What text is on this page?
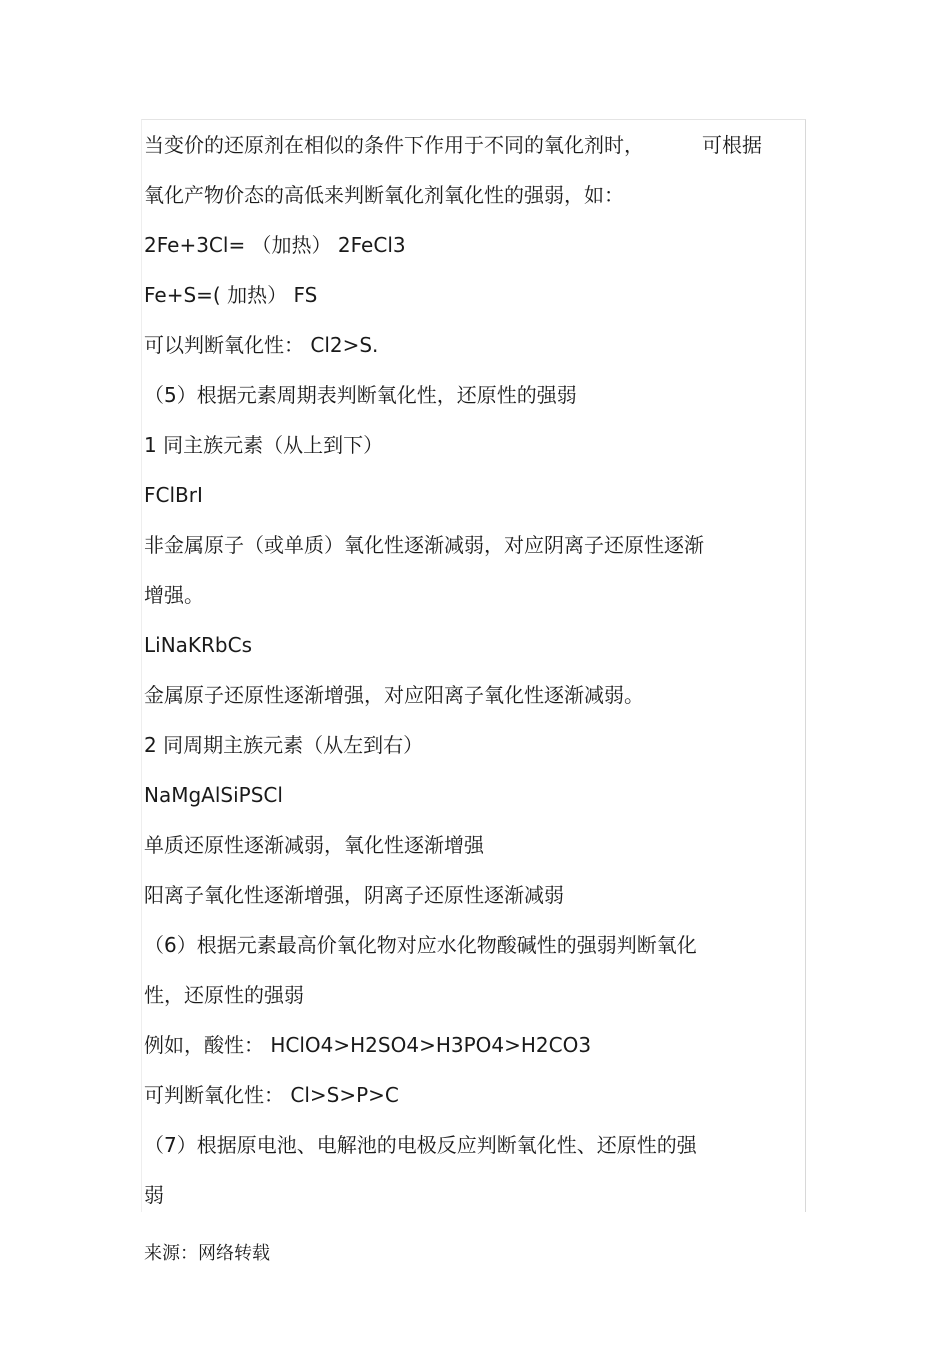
当变价的还原剂在相似的条件下作用于不同的氧化剂时，	可根据
氧化产物价态的高低来判断氧化剂氧化性的强弱，如：
2Fe+3Cl= （加热） 2FeCl3
Fe+S=( 加热） FS
可以判断氧化性： Cl2>S.
（5）根据元素周期表判断氧化性，还原性的强弱
1 同主族元素（从上到下）
FClBrI
非金属原子（或单质）氧化性逐渐减弱，对应阴离子还原性逐渐
增强。
LiNaKRbCs
金属原子还原性逐渐增强，对应阳离子氧化性逐渐减弱。
2 同周期主族元素（从左到右）
NaMgAlSiPSCl
单质还原性逐渐减弱，氧化性逐渐增强
阳离子氧化性逐渐增强，阴离子还原性逐渐减弱
（6）根据元素最高价氧化物对应水化物酸碱性的强弱判断氧化
性，还原性的强弱
例如，酸性： HClO4>H2SO4>H3PO4>H2CO3
可判断氧化性： Cl>S>P>C
（7）根据原电池、电解池的电极反应判断氧化性、还原性的强
弱
来源：网络转载
